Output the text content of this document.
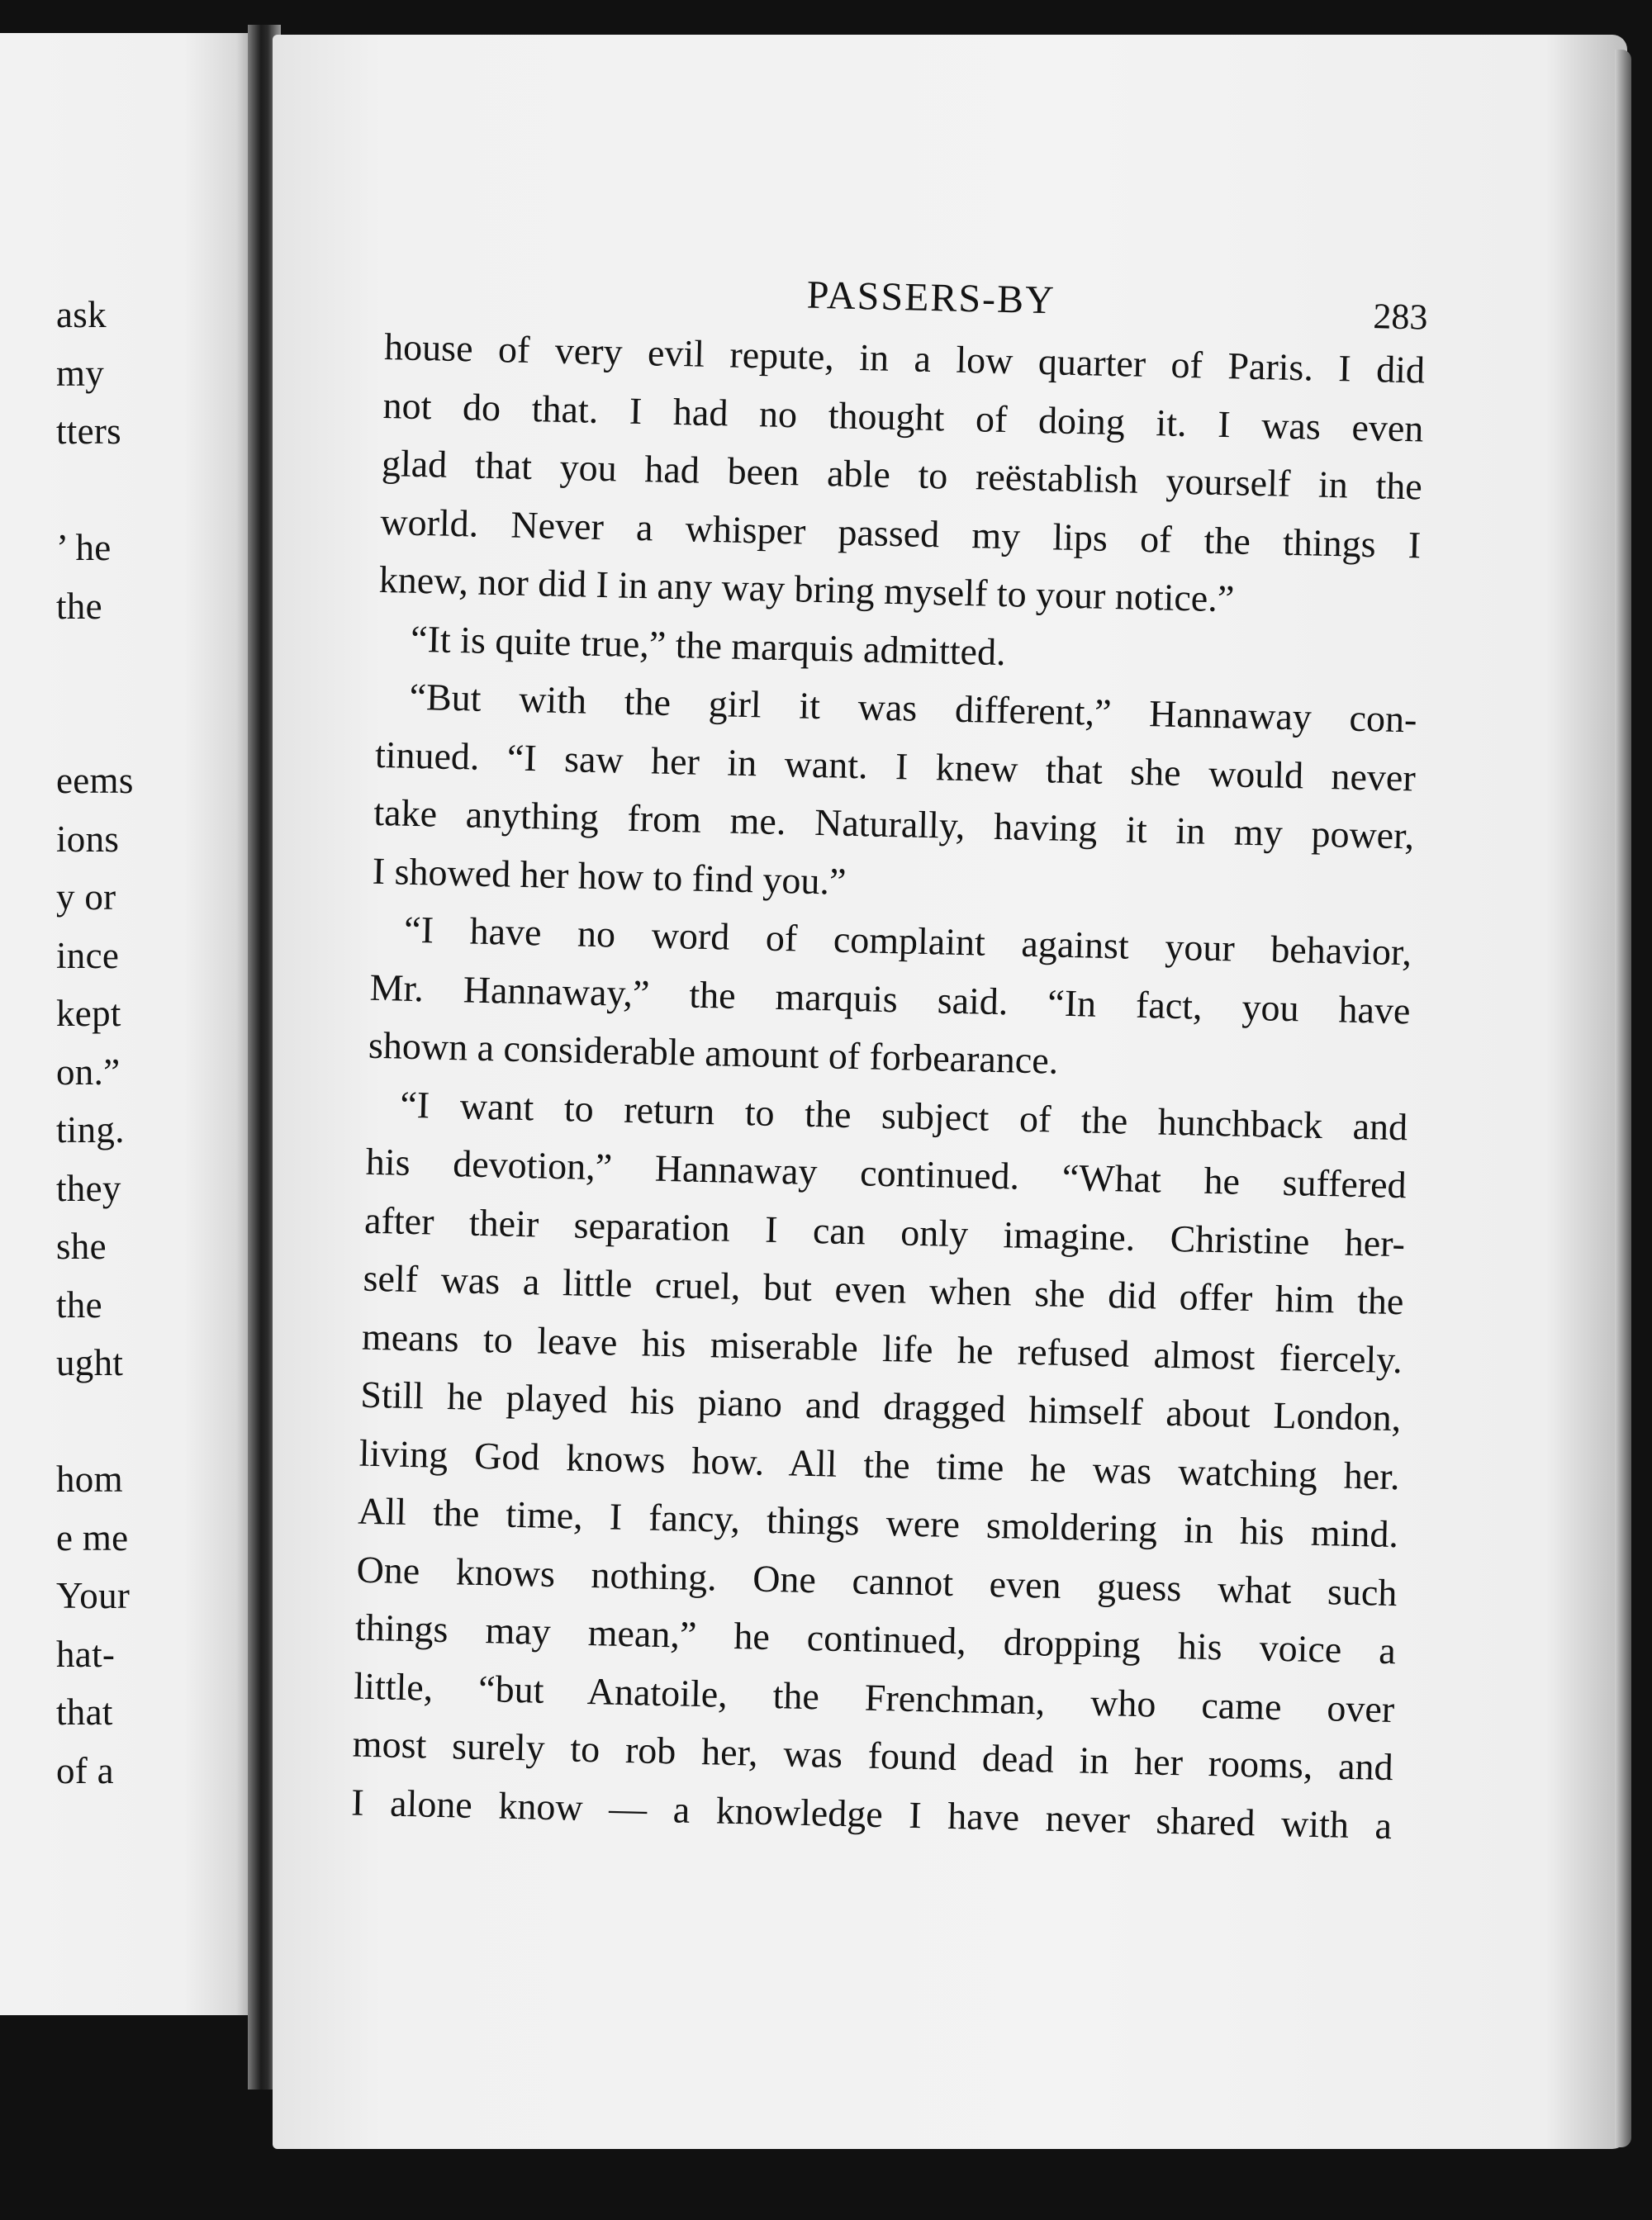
ask
my
tters
’ he
the
eems
ions
y or
ince
kept
on.”
ting.
they
she
the
ught
hom
e me
Your
hat-
that
of a
PASSERS-BY	283
house of very evil repute, in a low quarter of Paris. I did
not do that. I had no thought of doing it. I was even
glad that you had been able to reëstablish yourself in the
world. Never a whisper passed my lips of the things I
knew, nor did I in any way bring myself to your notice.”
“It is quite true,” the marquis admitted.
“But with the girl it was different,” Hannaway con-
tinued. “I saw her in want. I knew that she would never
take anything from me. Naturally, having it in my power,
I showed her how to find you.”
“I have no word of complaint against your behavior,
Mr. Hannaway,” the marquis said. “In fact, you have
shown a considerable amount of forbearance.
“I want to return to the subject of the hunchback and
his devotion,” Hannaway continued. “What he suffered
after their separation I can only imagine. Christine her-
self was a little cruel, but even when she did offer him the
means to leave his miserable life he refused almost fiercely.
Still he played his piano and dragged himself about London,
living God knows how. All the time he was watching her.
All the time, I fancy, things were smoldering in his mind.
One knows nothing. One cannot even guess what such
things may mean,” he continued, dropping his voice a
little, “but Anatoile, the Frenchman, who came over
most surely to rob her, was found dead in her rooms, and
I alone know — a knowledge I have never shared with a
